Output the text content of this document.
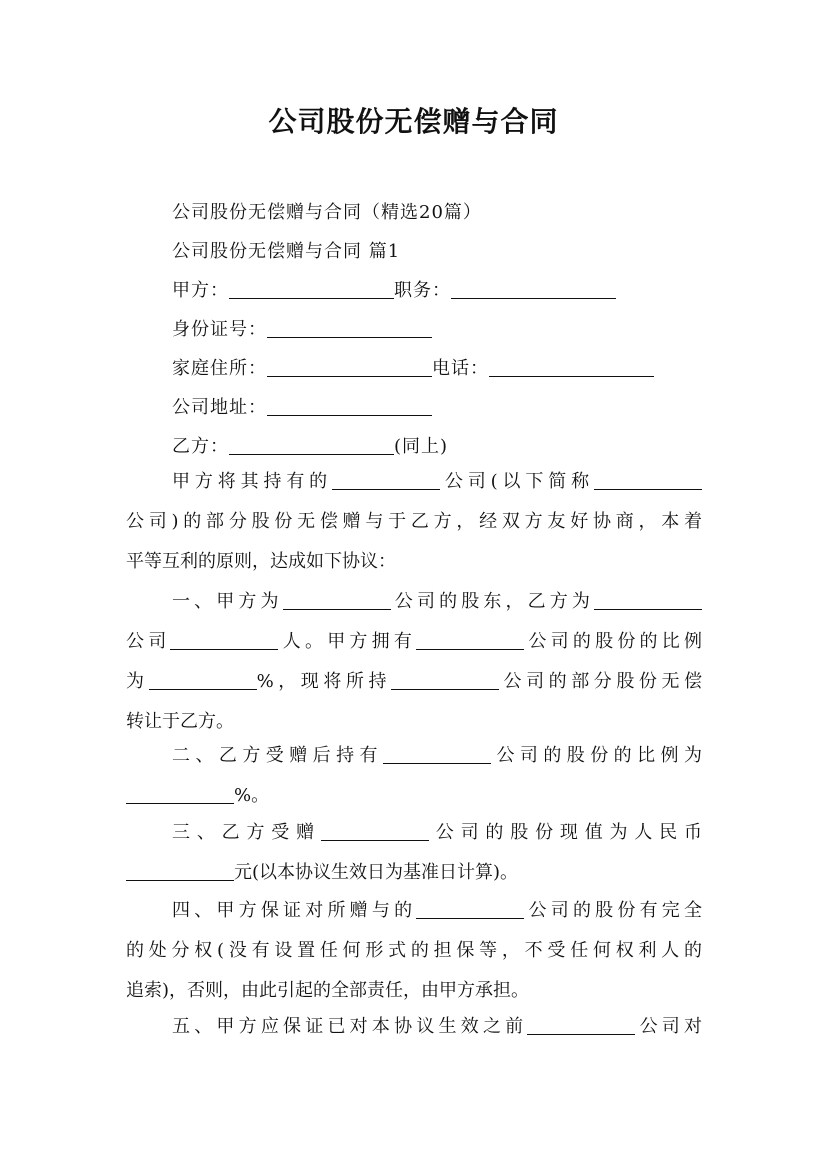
公司股份无偿赠与合同
公司股份无偿赠与合同（精选20篇）
公司股份无偿赠与合同 篇1
甲方：	职务：
身份证号：
家庭住所：	电话：
公司地址：
乙方：	(同上)
甲方将其持有的	公司(以下简称
公司)的部分股份无偿赠与于乙方，经双方友好协商，本着
平等互利的原则，达成如下协议：
一、甲方为	公司的股东，乙方为
公司	人。甲方拥有	公司的股份的比例
为	%，现将所持	公司的部分股份无偿
转让于乙方。
二、乙方受赠后持有	公司的股份的比例为
%。
三、乙方受赠	公司的股份现值为人民币
元(以本协议生效日为基准日计算)。
四、甲方保证对所赠与的	公司的股份有完全
的处分权(没有设置任何形式的担保等，不受任何权利人的
追索)，否则，由此引起的全部责任，由甲方承担。
五、甲方应保证已对本协议生效之前	公司对
